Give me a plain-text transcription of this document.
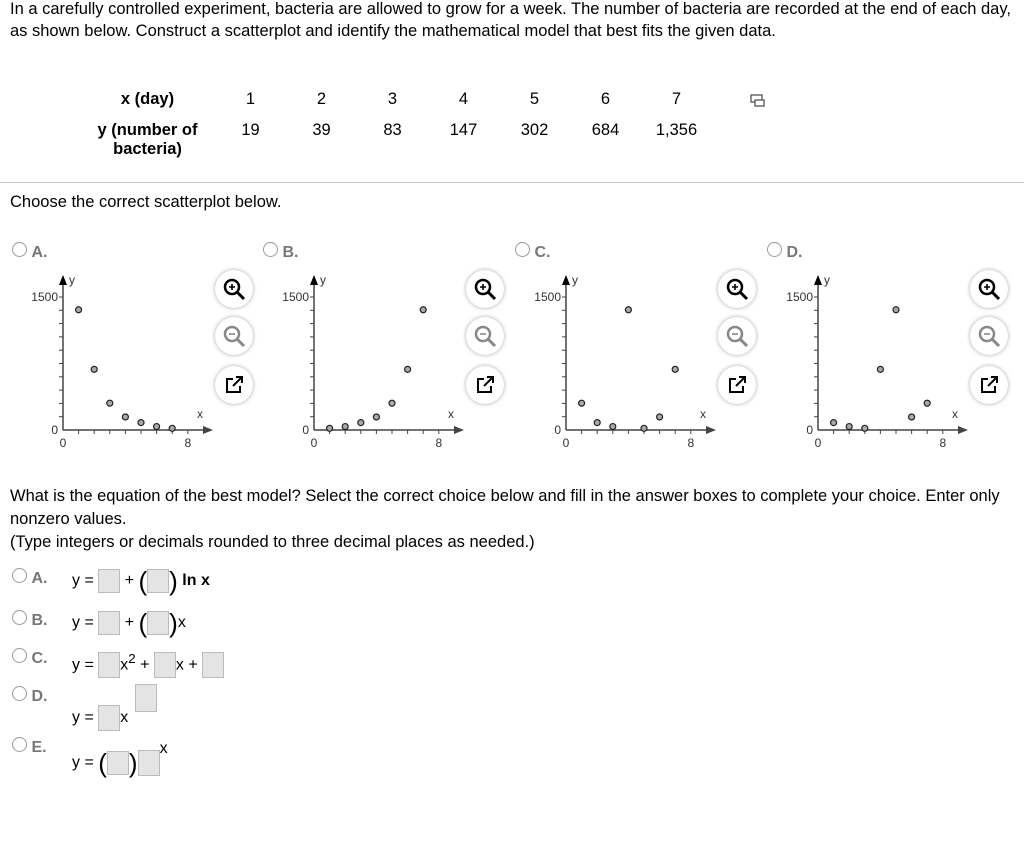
In a carefully controlled experiment, bacteria are allowed to grow for a week. The number of bacteria are recorded at the end of each day, as shown below. Construct a scatterplot and identify the mathematical model that best fits the given data.
x (day)		1	2	3	4	5	6	7

y (number of bacteria)	
19	39	83	147	302	684	1,356
Choose the correct scatterplot below.
A.
0	8
0
1500
x
y
B.
0	8
0
1500
x
y
C.
0	8
0
1500
x
y
D.
0	8
0
1500
x
y
What is the equation of the best model? Select the correct choice below and fill in the answer boxes to complete your choice. Enter only nonzero values.
(Type integers or decimals rounded to three decimal places as needed.)
A. y = + ( ) ln x
B. y = + ( )x
C. $y = x^2 + x$ +
D.
y = x
E.
y = ( ) x
